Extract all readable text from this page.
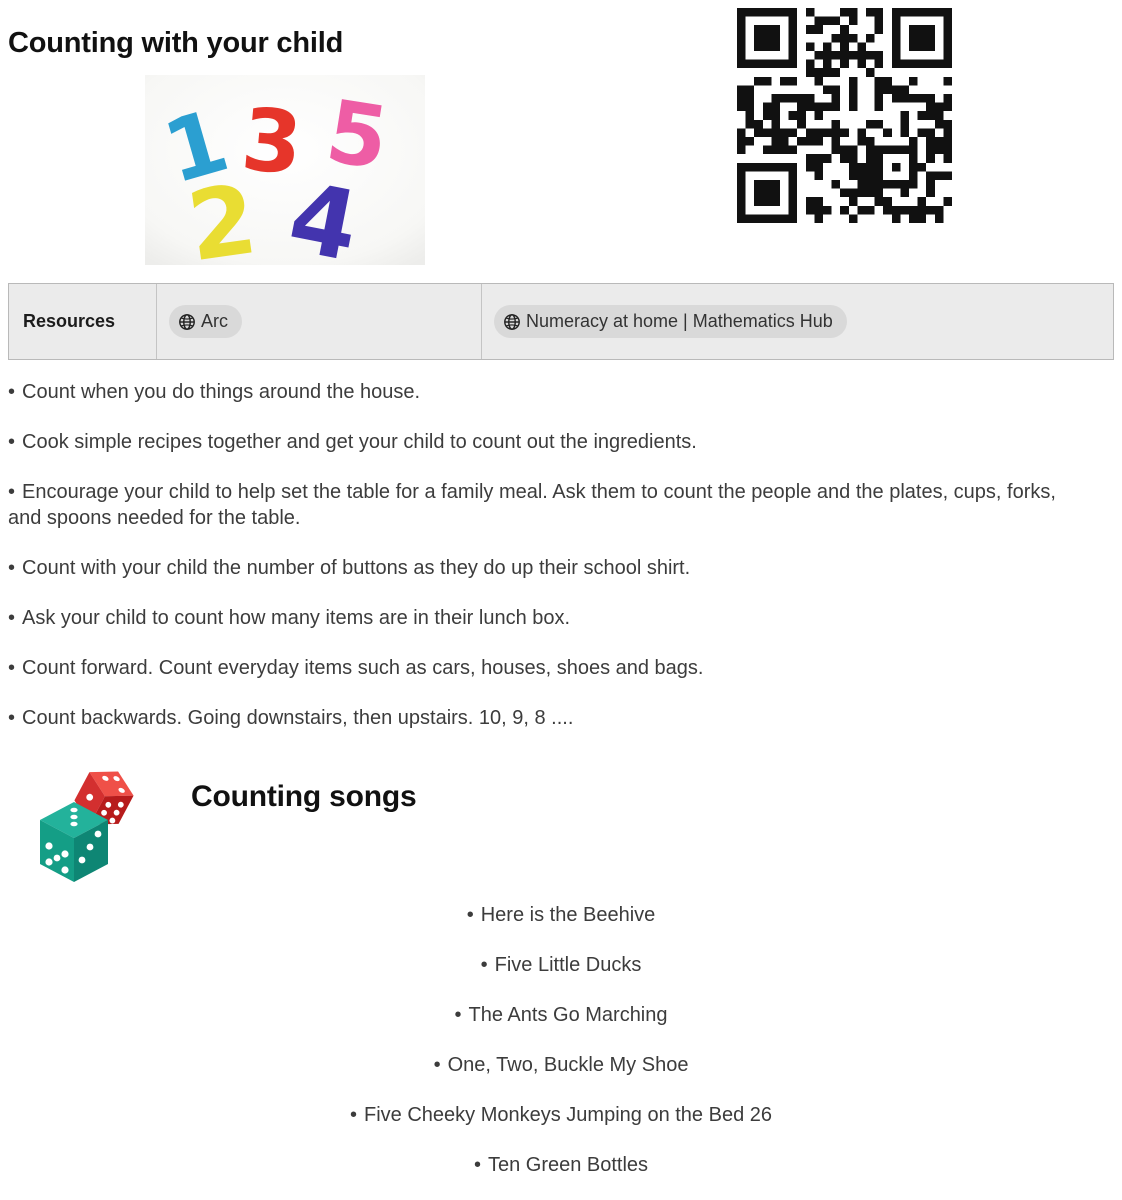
Counting with your child
1
3 5
2 4
Resources	Arc	Numeracy at home | Mathematics Hub

• Count when you do things around the house.

• Cook simple recipes together and get your child to count out the ingredients.

• Encourage your child to help set the table for a family meal. Ask them to count the people and the plates, cups, forks, and spoons needed for the table.

• Count with your child the number of buttons as they do up their school shirt.

• Ask your child to count how many items are in their lunch box.

• Count forward. Count everyday items such as cars, houses, shoes and bags.

• Count backwards. Going downstairs, then upstairs. 10, 9, 8 ....

Counting songs

• Here is the Beehive

• Five Little Ducks

• The Ants Go Marching

• One, Two, Buckle My Shoe

• Five Cheeky Monkeys Jumping on the Bed 26

• Ten Green Bottles
